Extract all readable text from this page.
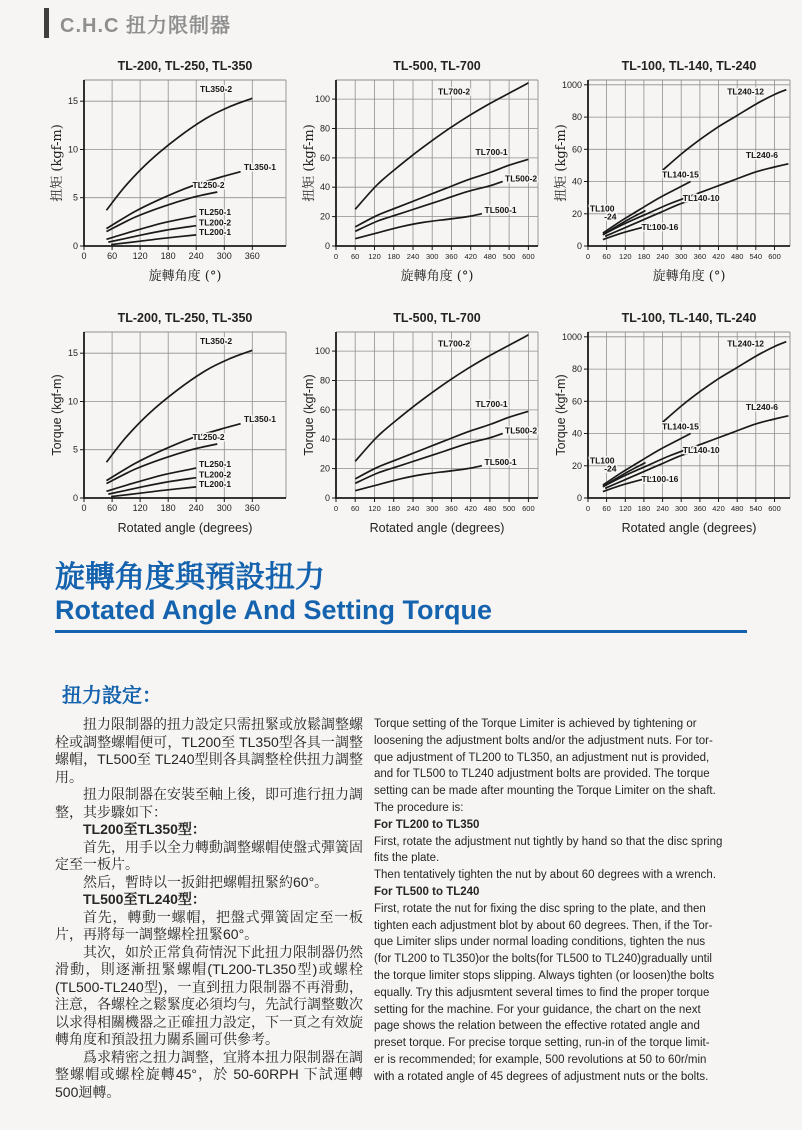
C.H.C 扭力限制器
0 60 120 180 240 300 360
0
5
10
15
TL350-2
TL350-1
TL250-2
TL250-1
TL200-2
TL200-1
TL-200, TL-250, TL-350
扭矩 (kgf-m)
旋轉角度 (°)
0 60 120 180 240 300 360 420 480 500 600
0
20
40
60
80
100
TL700-2
TL700-1
TL500-2
TL500-1
TL-500, TL-700
扭矩 (kgf-m)
旋轉角度 (°)
0 60 120 180 240 300 360 420 480 540 600
0
20
40
60
80
1000
TL240-12
TL240-6
TL140-15
TL140-10
TL100
-24
TL100-16
TL-100, TL-140, TL-240
扭矩 (kgf-m)
旋轉角度 (°)
0 60 120 180 240 300 360
0
5
10
15
TL350-2
TL350-1
TL250-2
TL250-1
TL200-2
TL200-1
TL-200, TL-250, TL-350
Torque (kgf-m)
Rotated angle (degrees)
0 60 120 180 240 300 360 420 480 500 600
0
20
40
60
80
100
TL700-2
TL700-1
TL500-2
TL500-1
TL-500, TL-700
Torque (kgf-m)
Rotated angle (degrees)
0 60 120 180 240 300 360 420 480 540 600
0
20
40
60
80
1000
TL240-12
TL240-6
TL140-15
TL140-10
TL100
-24
TL100-16
TL-100, TL-140, TL-240
Torque (kgf-m)
Rotated angle (degrees)
旋轉角度與預設扭力
Rotated Angle And Setting Torque
扭力設定：

扭力限制器的扭力設定只需扭緊或放鬆調整螺栓或調整螺帽便可，TL200至 TL350型各具一調整螺帽，TL500至 TL240型則各具調整栓供扭力調整用。

扭力限制器在安裝至軸上後，即可進行扭力調整，其步驟如下：

TL200至TL350型：

首先，用手以全力轉動調整螺帽使盤式彈簧固定至一板片。

然后，暫時以一扳鉗把螺帽扭緊約60°。

TL500至TL240型：

首先，轉動一螺帽，把盤式彈簧固定至一板片，再將每一調整螺栓扭緊60°。

其次，如於正常負荷情況下此扭力限制器仍然滑動，則逐漸扭緊螺帽(TL200-TL350型)或螺栓(TL500-TL240型)，一直到扭力限制器不再滑動，注意，各螺栓之鬆緊度必須均勻，先試行調整數次以求得相關機器之正確扭力設定，下一頁之有效旋轉角度和預設扭力關系圖可供參考。

爲求精密之扭力調整，宜將本扭力限制器在調整螺帽或螺栓旋轉45°，於 50-60RPH 下試運轉500迴轉。

Torque setting of the Torque Limiter is achieved by tightening or
loosening the adjustment bolts and/or the adjustment nuts. For tor-
que adjustment of TL200 to TL350, an adjustment nut is provided,
and for TL500 to TL240 adjustment bolts are provided. The torque
setting can be made after mounting the Torque Limiter on the shaft.
The procedure is:
For TL200 to TL350
First, rotate the adjustment nut tightly by hand so that the disc spring
fits the plate.
Then tentatively tighten the nut by about 60 degrees with a wrench.
For TL500 to TL240
First, rotate the nut for fixing the disc spring to the plate, and then
tighten each adjustment blot by about 60 degrees. Then, if the Tor-
que Limiter slips under normal loading conditions, tighten the nus
(for TL200 to TL350)or the bolts(for TL500 to TL240)gradually until
the torque limiter stops slipping. Always tighten (or loosen)the bolts
equally. Try this adjusmtent several times to find the proper torque
setting for the machine. For your guidance, the chart on the next
page shows the relation between the effective rotated angle and
preset torque. For precise torque setting, run-in of the torque limit-
er is recommended; for example, 500 revolutions at 50 to 60r/min
with a rotated angle of 45 degrees of adjustment nuts or the bolts.
